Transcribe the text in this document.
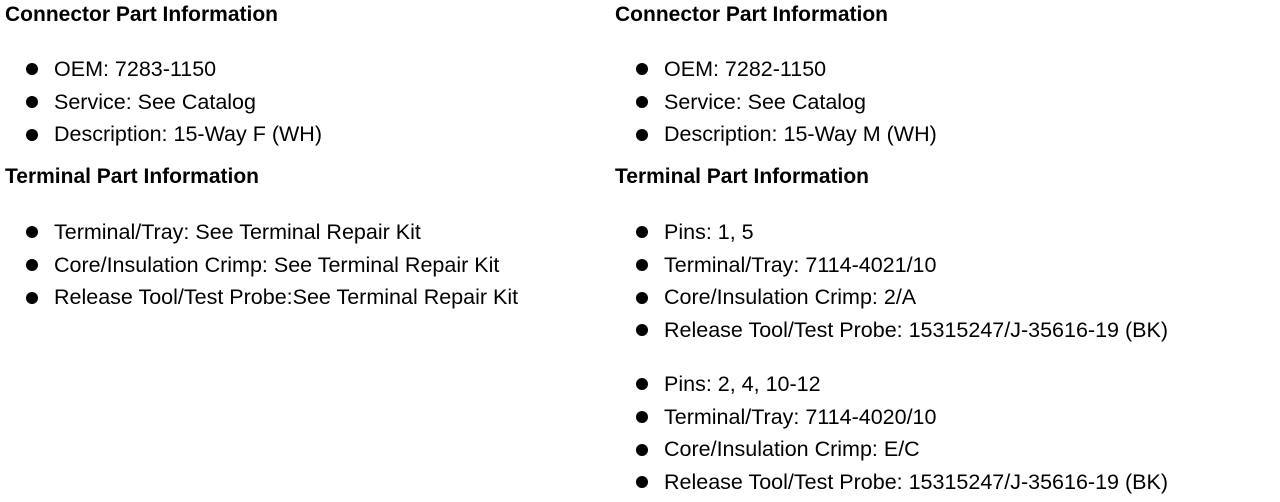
Connector Part Information
OEM: 7283-1150
Service: See Catalog
Description: 15-Way F (WH)
Terminal Part Information
Terminal/Tray: See Terminal Repair Kit
Core/Insulation Crimp: See Terminal Repair Kit
Release Tool/Test Probe:See Terminal Repair Kit
Connector Part Information
OEM: 7282-1150
Service: See Catalog
Description: 15-Way M (WH)
Terminal Part Information
Pins: 1, 5
Terminal/Tray: 7114-4021/10
Core/Insulation Crimp: 2/A
Release Tool/Test Probe: 15315247/J-35616-19 (BK)
Pins: 2, 4, 10-12
Terminal/Tray: 7114-4020/10
Core/Insulation Crimp: E/C
Release Tool/Test Probe: 15315247/J-35616-19 (BK)
